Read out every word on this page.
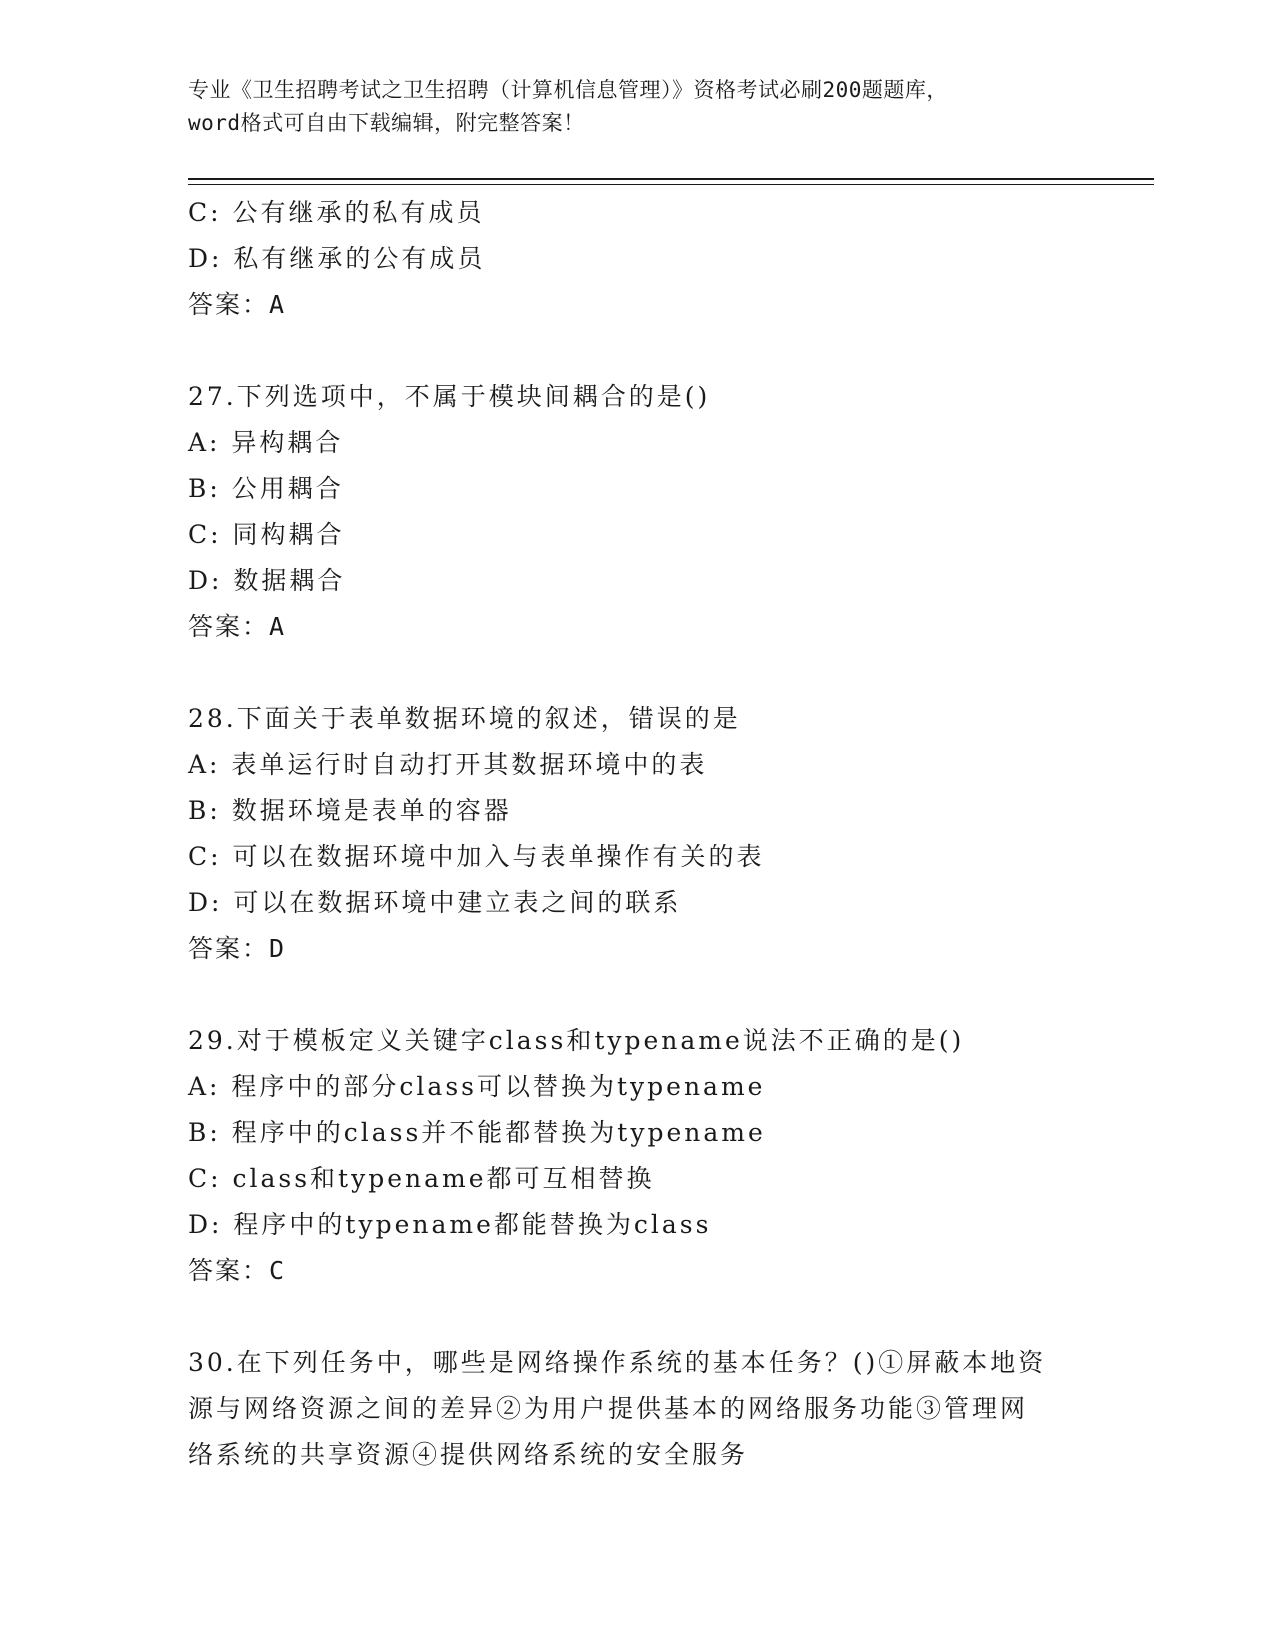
专业《卫生招聘考试之卫生招聘（计算机信息管理）》资格考试必刷200题题库，
word格式可自由下载编辑，附完整答案！
C: 公有继承的私有成员
D: 私有继承的公有成员
答案：A
27.下列选项中，不属于模块间耦合的是()
A: 异构耦合
B: 公用耦合
C: 同构耦合
D: 数据耦合
答案：A
28.下面关于表单数据环境的叙述，错误的是
A: 表单运行时自动打开其数据环境中的表
B: 数据环境是表单的容器
C: 可以在数据环境中加入与表单操作有关的表
D: 可以在数据环境中建立表之间的联系
答案：D
29.对于模板定义关键字class和typename说法不正确的是()
A: 程序中的部分class可以替换为typename
B: 程序中的class并不能都替换为typename
C: class和typename都可互相替换
D: 程序中的typename都能替换为class
答案：C
30.在下列任务中，哪些是网络操作系统的基本任务？()①屏蔽本地资
源与网络资源之间的差异②为用户提供基本的网络服务功能③管理网
络系统的共享资源④提供网络系统的安全服务
